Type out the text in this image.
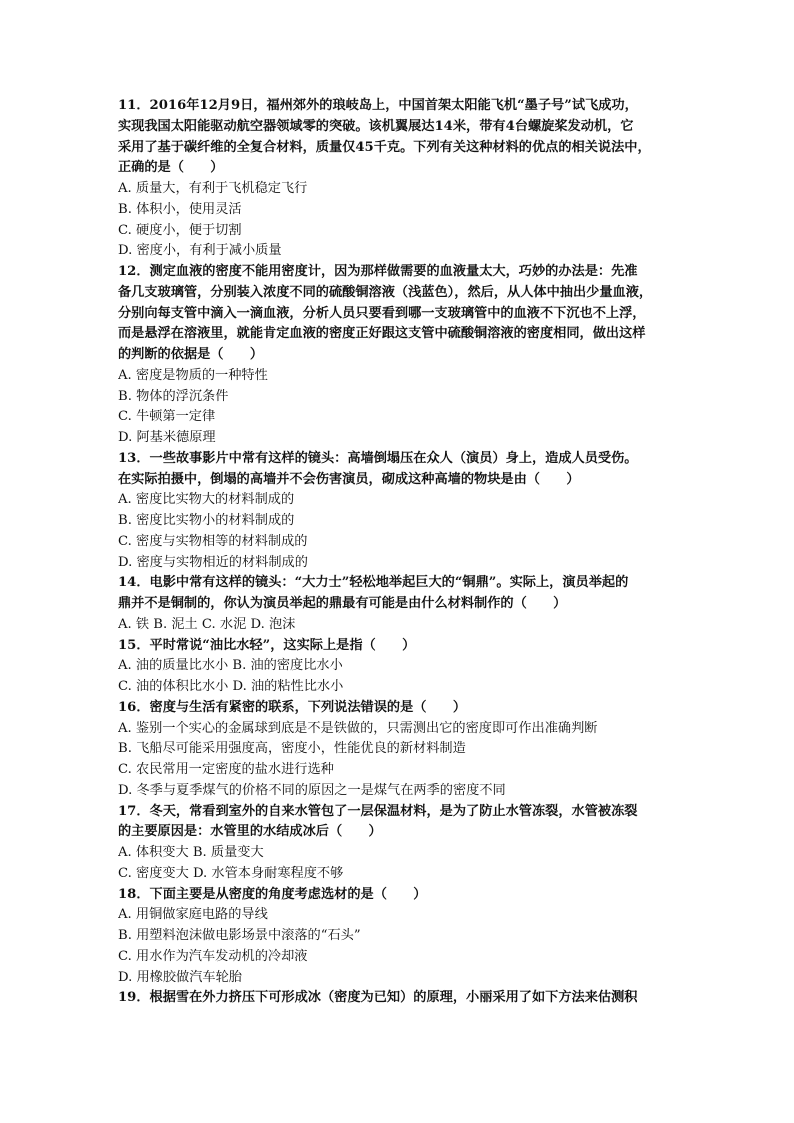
11．2016年12月9日，福州郊外的琅岐岛上，中国首架太阳能飞机“墨子号”试飞成功，
实现我国太阳能驱动航空器领域零的突破。该机翼展达14米，带有4台螺旋桨发动机，它
采用了基于碳纤维的全复合材料，质量仅45千克。下列有关这种材料的优点的相关说法中，
正确的是（　　）
A. 质量大，有利于飞机稳定飞行
B. 体积小，使用灵活
C. 硬度小，便于切割
D. 密度小，有利于减小质量
12．测定血液的密度不能用密度计，因为那样做需要的血液量太大，巧妙的办法是：先准
备几支玻璃管，分别装入浓度不同的硫酸铜溶液（浅蓝色），然后，从人体中抽出少量血液，
分别向每支管中滴入一滴血液，分析人员只要看到哪一支玻璃管中的血液不下沉也不上浮，
而是悬浮在溶液里，就能肯定血液的密度正好跟这支管中硫酸铜溶液的密度相同，做出这样
的判断的依据是（　　）
A. 密度是物质的一种特性
B. 物体的浮沉条件
C. 牛顿第一定律
D. 阿基米德原理
13．一些故事影片中常有这样的镜头：高墙倒塌压在众人（演员）身上，造成人员受伤。
在实际拍摄中，倒塌的高墙并不会伤害演员，砌成这种高墙的物块是由（　　）
A. 密度比实物大的材料制成的
B. 密度比实物小的材料制成的
C. 密度与实物相等的材料制成的
D. 密度与实物相近的材料制成的
14．电影中常有这样的镜头：“大力士”轻松地举起巨大的“铜鼎”。实际上，演员举起的
鼎并不是铜制的，你认为演员举起的鼎最有可能是由什么材料制作的（　　）
A. 铁 B. 泥土 C. 水泥 D. 泡沫
15．平时常说“油比水轻”，这实际上是指（　　）
A. 油的质量比水小 B. 油的密度比水小
C. 油的体积比水小 D. 油的粘性比水小
16．密度与生活有紧密的联系，下列说法错误的是（　　）
A. 鉴别一个实心的金属球到底是不是铁做的，只需测出它的密度即可作出准确判断
B. 飞船尽可能采用强度高，密度小，性能优良的新材料制造
C. 农民常用一定密度的盐水进行选种
D. 冬季与夏季煤气的价格不同的原因之一是煤气在两季的密度不同
17．冬天，常看到室外的自来水管包了一层保温材料，是为了防止水管冻裂，水管被冻裂
的主要原因是：水管里的水结成冰后（　　）
A. 体积变大 B. 质量变大
C. 密度变大 D. 水管本身耐寒程度不够
18．下面主要是从密度的角度考虑选材的是（　　）
A. 用铜做家庭电路的导线
B. 用塑料泡沫做电影场景中滚落的“石头”
C. 用水作为汽车发动机的冷却液
D. 用橡胶做汽车轮胎
19．根据雪在外力挤压下可形成冰（密度为已知）的原理，小丽采用了如下方法来估测积
